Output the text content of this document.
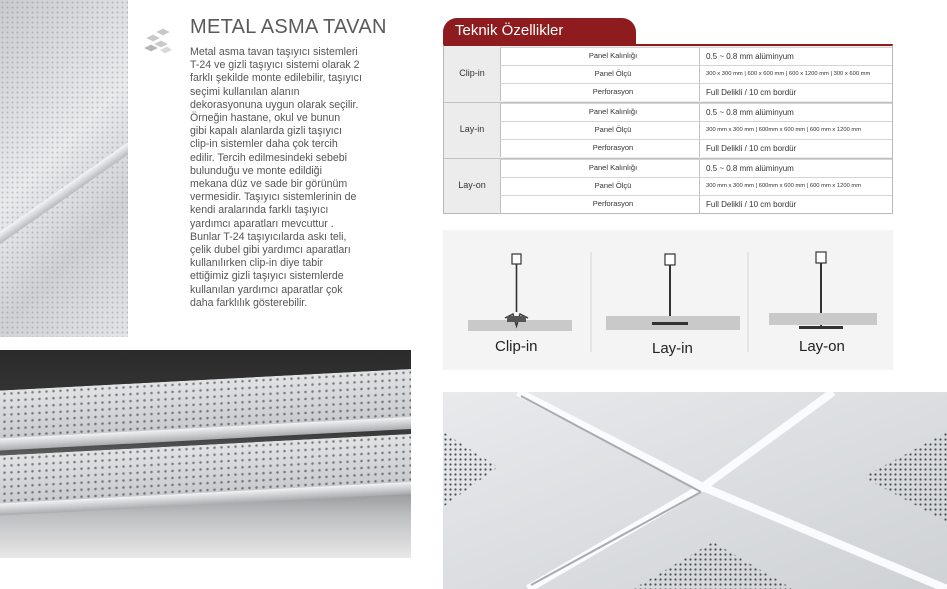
METAL ASMA TAVAN
Metal asma tavan taşıyıcı sistemleri
T-24 ve gizli taşıyıcı sistemi olarak 2
farklı şekilde monte edilebilir, taşıyıcı
seçimi kullanılan alanın
dekorasyonuna uygun olarak seçilir.
Örneğin hastane, okul ve bunun
gibi kapalı alanlarda gizli taşıyıcı
clip-in sistemler daha çok tercih
edilir. Tercih edilmesindeki sebebi
bulunduğu ve monte edildiği
mekana düz ve sade bir görünüm
vermesidir. Taşıyıcı sistemlerinin de
kendi aralarında farklı taşıyıcı
yardımcı aparatları mevcuttur .
Bunlar T-24 taşıyıcılarda askı teli,
çelik dubel gibi yardımcı aparatları
kullanılırken clip-in diye tabir
ettiğimiz gizli taşıyıcı sistemlerde
kullanılan yardımcı aparatlar çok
daha farklılık gösterebilir.
Teknik Özellikler
Clip-in
Panel Kalınlığı	0.5 ~ 0.8 mm alüminyum
Panel Ölçü	300 x 300 mm | 600 x 600 mm | 600 x 1200 mm | 300 x 600 mm
Perforasyon	Full Delikli / 10 cm bordür
Lay-in
Panel Kalınlığı	0.5 ~ 0.8 mm alüminyum
Panel Ölçü	300 mm x 300 mm | 600mm x 600 mm | 600 mm x 1200 mm
Perforasyon	Full Delikli / 10 cm bordür
Lay-on
Panel Kalınlığı	0.5 ~ 0.8 mm alüminyum
Panel Ölçü	300 mm x 300 mm | 600mm x 600 mm | 600 mm x 1200 mm
Perforasyon	Full Delikli / 10 cm bordür
Clip-in	Lay-in	Lay-on
